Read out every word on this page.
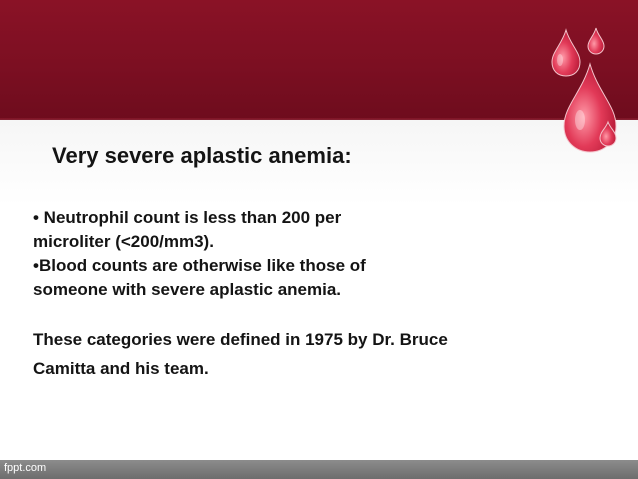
Very severe aplastic anemia:
• Neutrophil count is less than 200 per
microliter (<200/mm3).
•Blood counts are otherwise like those of
someone with severe aplastic anemia.
These categories were defined in 1975 by Dr. Bruce
Camitta and his team.
fppt.com
